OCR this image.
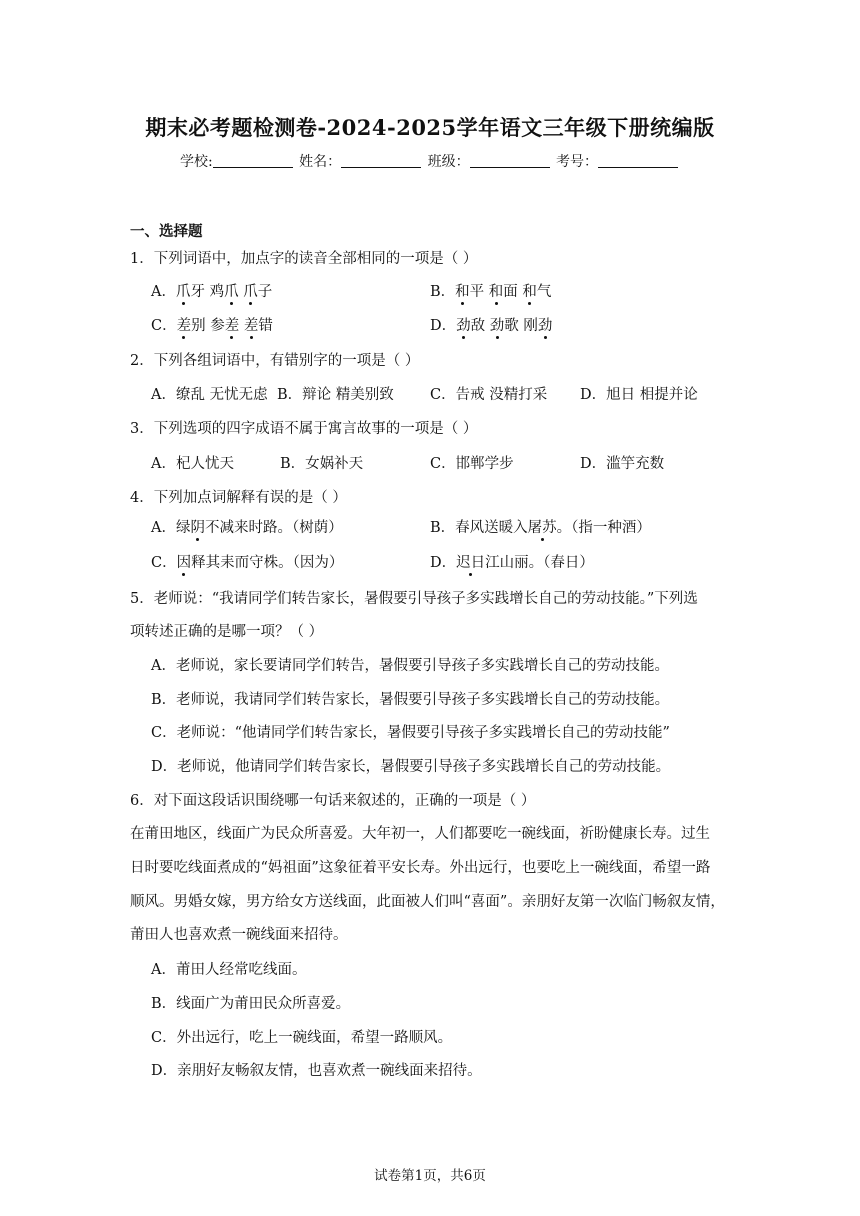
期末必考题检测卷-2024-2025学年语文三年级下册统编版
学校:	姓名：	班级：	考号：
一、选择题
1．下列词语中，加点字的读音全部相同的一项是（ ）
A．爪牙 鸡爪 爪子	B．和平 和面 和气
C．差别 参差 差错	D．劲敌 劲歌 刚劲
2．下列各组词语中，有错别字的一项是（ ）
A．缭乱 无忧无虑 B．辩论 精美别致 C．告戒 没精打采 D．旭日 相提并论
3．下列选项的四字成语不属于寓言故事的一项是（ ）
A．杞人忧天	B．女娲补天	C．邯郸学步	D．滥竽充数
4．下列加点词解释有误的是（ ）
A．绿阴不减来时路。（树荫）	B．春风送暖入屠苏。（指一种酒）
C．因释其耒而守株。（因为）	D．迟日江山丽。（春日）
5．老师说：“我请同学们转告家长，暑假要引导孩子多实践增长自己的劳动技能。”下列选
项转述正确的是哪一项？（ ）
A．老师说，家长要请同学们转告，暑假要引导孩子多实践增长自己的劳动技能。
B．老师说，我请同学们转告家长，暑假要引导孩子多实践增长自己的劳动技能。
C．老师说：“他请同学们转告家长，暑假要引导孩子多实践增长自己的劳动技能”
D．老师说，他请同学们转告家长，暑假要引导孩子多实践增长自己的劳动技能。
6．对下面这段话识围绕哪一句话来叙述的，正确的一项是（ ）
在莆田地区，线面广为民众所喜爱。大年初一，人们都要吃一碗线面，祈盼健康长寿。过生
日时要吃线面煮成的“妈祖面”这象征着平安长寿。外出远行，也要吃上一碗线面，希望一路
顺风。男婚女嫁，男方给女方送线面，此面被人们叫“喜面”。亲朋好友第一次临门畅叙友情，
莆田人也喜欢煮一碗线面来招待。
A．莆田人经常吃线面。
B．线面广为莆田民众所喜爱。
C．外出远行，吃上一碗线面，希望一路顺风。
D．亲朋好友畅叙友情，也喜欢煮一碗线面来招待。
试卷第1页，共6页
